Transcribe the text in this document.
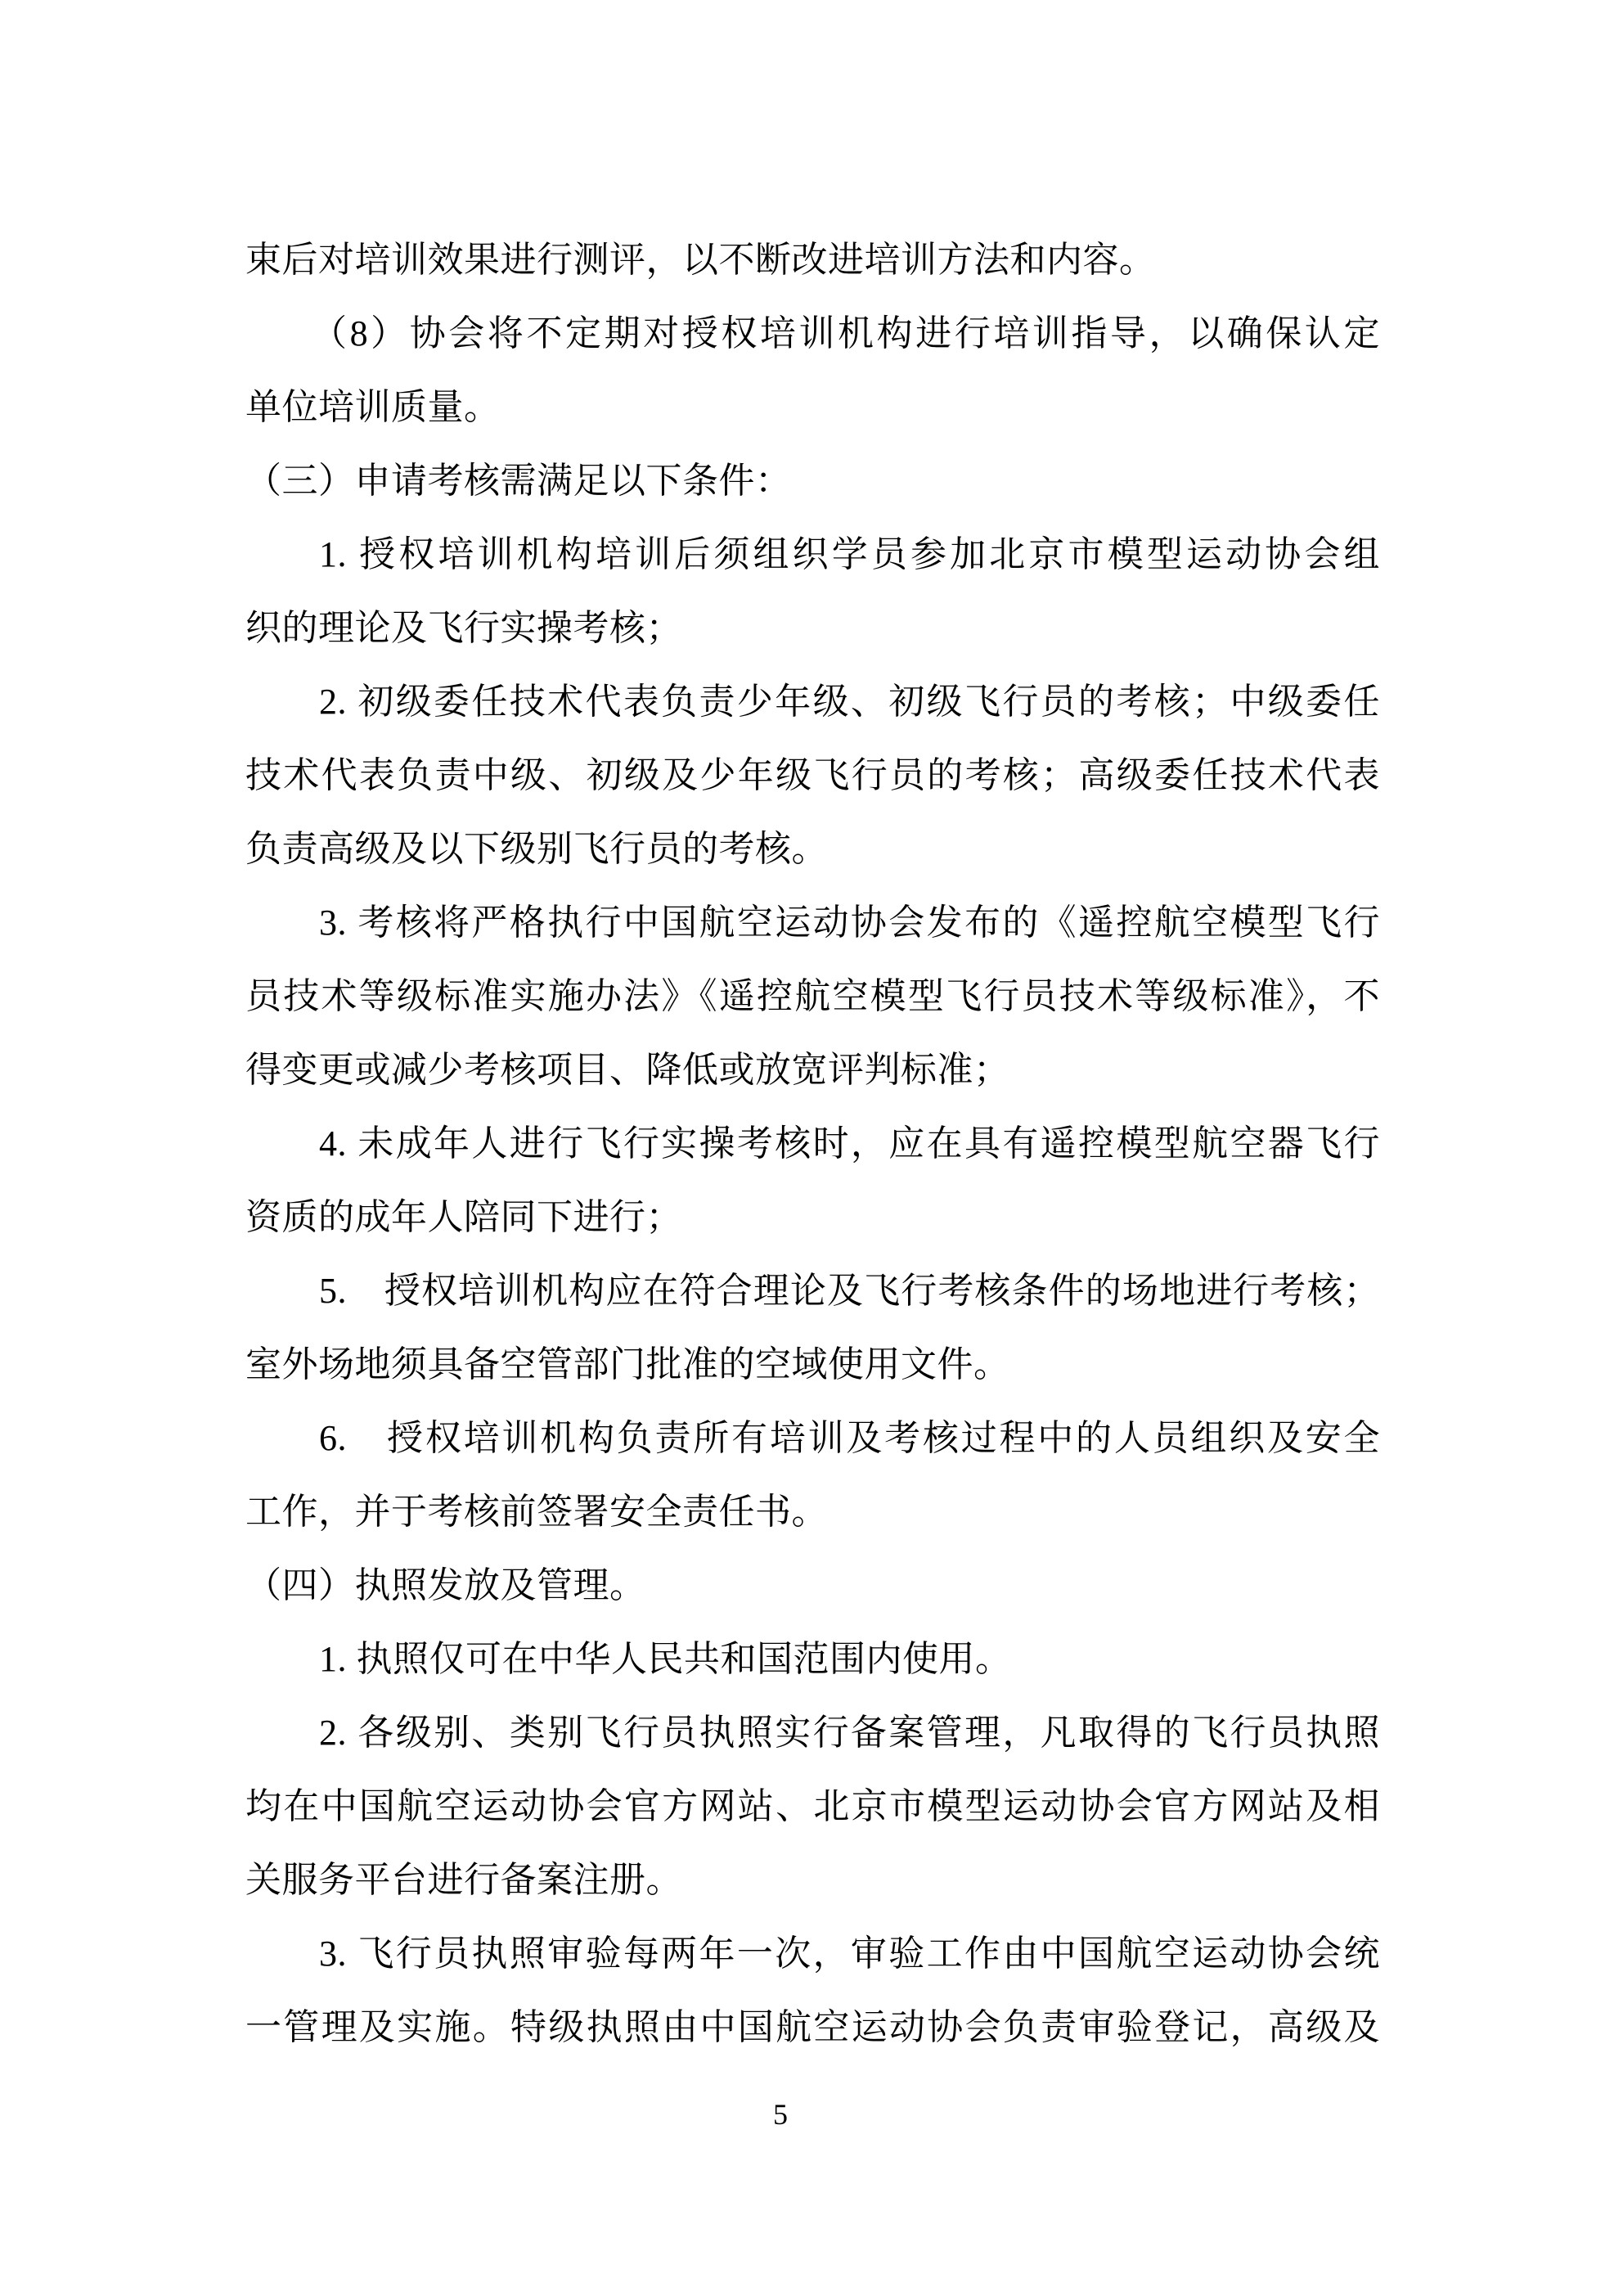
束后对培训效果进行测评，以不断改进培训方法和内容。
（8）协会将不定期对授权培训机构进行培训指导，以确保认定
单位培训质量。
（三）申请考核需满足以下条件：
1. 授权培训机构培训后须组织学员参加北京市模型运动协会组
织的理论及飞行实操考核；
2. 初级委任技术代表负责少年级、初级飞行员的考核；中级委任
技术代表负责中级、初级及少年级飞行员的考核；高级委任技术代表
负责高级及以下级别飞行员的考核。
3. 考核将严格执行中国航空运动协会发布的《遥控航空模型飞行
员技术等级标准实施办法》《遥控航空模型飞行员技术等级标准》，不
得变更或减少考核项目、降低或放宽评判标准；
4. 未成年人进行飞行实操考核时，应在具有遥控模型航空器飞行
资质的成年人陪同下进行；
5.　授权培训机构应在符合理论及飞行考核条件的场地进行考核；
室外场地须具备空管部门批准的空域使用文件。
6.　授权培训机构负责所有培训及考核过程中的人员组织及安全
工作，并于考核前签署安全责任书。
（四）执照发放及管理。
1. 执照仅可在中华人民共和国范围内使用。
2. 各级别、类别飞行员执照实行备案管理，凡取得的飞行员执照
均在中国航空运动协会官方网站、北京市模型运动协会官方网站及相
关服务平台进行备案注册。
3. 飞行员执照审验每两年一次，审验工作由中国航空运动协会统
一管理及实施。特级执照由中国航空运动协会负责审验登记，高级及
5
